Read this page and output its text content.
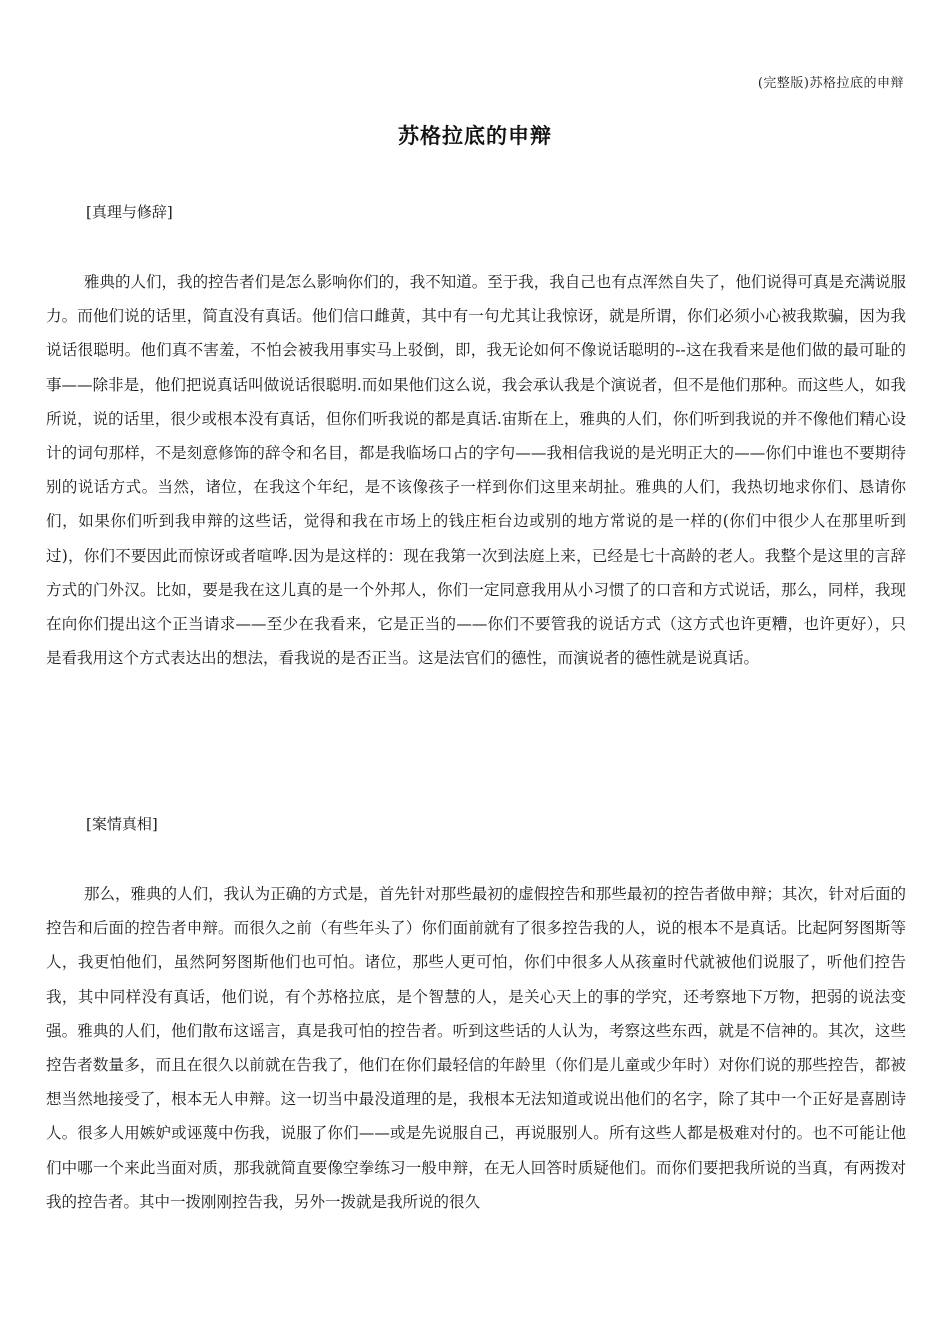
(完整版)苏格拉底的申辩
苏格拉底的申辩

[真理与修辞]

雅典的人们，我的控告者们是怎么影响你们的，我不知道。至于我，我自己也有点浑然自失了，他们说得可真是充满说服力。而他们说的话里，简直没有真话。他们信口雌黄，其中有一句尤其让我惊讶，就是所谓，你们必须小心被我欺骗，因为我说话很聪明。他们真不害羞，不怕会被我用事实马上驳倒，即，我无论如何不像说话聪明的--这在我看来是他们做的最可耻的事——除非是，他们把说真话叫做说话很聪明.而如果他们这么说，我会承认我是个演说者，但不是他们那种。而这些人，如我所说，说的话里，很少或根本没有真话，但你们听我说的都是真话.宙斯在上，雅典的人们，你们听到我说的并不像他们精心设计的词句那样，不是刻意修饰的辞令和名目，都是我临场口占的字句——我相信我说的是光明正大的——你们中谁也不要期待别的说话方式。当然，诸位，在我这个年纪，是不该像孩子一样到你们这里来胡扯。雅典的人们，我热切地求你们、恳请你们，如果你们听到我申辩的这些话，觉得和我在市场上的钱庄柜台边或别的地方常说的是一样的(你们中很少人在那里听到过)，你们不要因此而惊讶或者喧哗.因为是这样的：现在我第一次到法庭上来，已经是七十高龄的老人。我整个是这里的言辞方式的门外汉。比如，要是我在这儿真的是一个外邦人，你们一定同意我用从小习惯了的口音和方式说话，那么，同样，我现在向你们提出这个正当请求——至少在我看来，它是正当的——你们不要管我的说话方式（这方式也许更糟，也许更好），只是看我用这个方式表达出的想法，看我说的是否正当。这是法官们的德性，而演说者的德性就是说真话。

[案情真相]

那么，雅典的人们，我认为正确的方式是，首先针对那些最初的虚假控告和那些最初的控告者做申辩；其次，针对后面的控告和后面的控告者申辩。而很久之前（有些年头了）你们面前就有了很多控告我的人，说的根本不是真话。比起阿努图斯等人，我更怕他们，虽然阿努图斯他们也可怕。诸位，那些人更可怕，你们中很多人从孩童时代就被他们说服了，听他们控告我，其中同样没有真话，他们说，有个苏格拉底，是个智慧的人，是关心天上的事的学究，还考察地下万物，把弱的说法变强。雅典的人们，他们散布这谣言，真是我可怕的控告者。听到这些话的人认为，考察这些东西，就是不信神的。其次，这些控告者数量多，而且在很久以前就在告我了，他们在你们最轻信的年龄里（你们是儿童或少年时）对你们说的那些控告，都被想当然地接受了，根本无人申辩。这一切当中最没道理的是，我根本无法知道或说出他们的名字，除了其中一个正好是喜剧诗人。很多人用嫉妒或诬蔑中伤我，说服了你们——或是先说服自己，再说服别人。所有这些人都是极难对付的。也不可能让他们中哪一个来此当面对质，那我就简直要像空拳练习一般申辩，在无人回答时质疑他们。而你们要把我所说的当真，有两拨对我的控告者。其中一拨刚刚控告我，另外一拨就是我所说的很久
